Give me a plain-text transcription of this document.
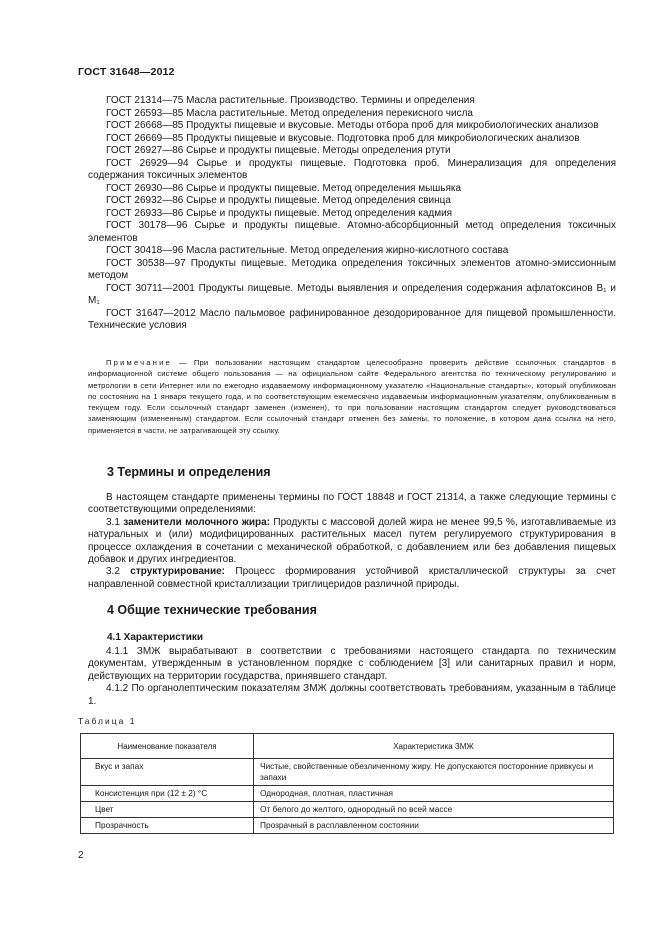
ГОСТ 31648—2012

ГОСТ 21314—75 Масла растительные. Производство. Термины и определения

ГОСТ 26593—85 Масла растительные. Метод определения перекисного числа

ГОСТ 26668—85 Продукты пищевые и вкусовые. Методы отбора проб для микробиологических анализов

ГОСТ 26669—85 Продукты пищевые и вкусовые. Подготовка проб для микробиологических анализов

ГОСТ 26927—86 Сырье и продукты пищевые. Методы определения ртути

ГОСТ 26929—94 Сырье и продукты пищевые. Подготовка проб. Минерализация для определения содержания токсичных элементов

ГОСТ 26930—86 Сырье и продукты пищевые. Метод определения мышьяка

ГОСТ 26932—86 Сырье и продукты пищевые. Метод определения свинца

ГОСТ 26933—86 Сырье и продукты пищевые. Метод определения кадмия

ГОСТ 30178—96 Сырье и продукты пищевые. Атомно-абсорбционный метод определения токсичных элементов

ГОСТ 30418—96 Масла растительные. Метод определения жирно-кислотного состава

ГОСТ 30538—97 Продукты пищевые. Методика определения токсичных элементов атомно-эмиссионным методом

ГОСТ 30711—2001 Продукты пищевые. Методы выявления и определения содержания афлатоксинов B₁ и M₁

ГОСТ 31647—2012 Масло пальмовое рафинированное дезодорированное для пищевой промышленности. Технические условия

Примечание — При пользовании настоящим стандартом целесообразно проверить действие ссылочных стандартов в информационной системе общего пользования — на официальном сайте Федерального агентства по техническому регулированию и метрологии в сети Интернет или по ежегодно издаваемому информационному указателю «Национальные стандарты», который опубликован по состоянию на 1 января текущего года, и по соответствующим ежемесячно издаваемым информационным указателям, опубликованным в текущем году. Если ссылочный стандарт заменен (изменен), то при пользовании настоящим стандартом следует руководствоваться заменяющим (измененным) стандартом. Если ссылочный стандарт отменен без замены, то положение, в котором дана ссылка на него, применяется в части, не затрагивающей эту ссылку.

3 Термины и определения

В настоящем стандарте применены термины по ГОСТ 18848 и ГОСТ 21314, а также следующие термины с соответствующими определениями:

3.1 заменители молочного жира: Продукты с массовой долей жира не менее 99,5 %, изготавливаемые из натуральных и (или) модифицированных растительных масел путем регулируемого структурирования в процессе охлаждения в сочетании с механической обработкой, с добавлением или без добавления пищевых добавок и других ингредиентов.

3.2 структурирование: Процесс формирования устойчивой кристаллической структуры за счет направленной совместной кристаллизации триглицеридов различной природы.

4 Общие технические требования
4.1 Характеристики

4.1.1 ЗМЖ вырабатывают в соответствии с требованиями настоящего стандарта по техническим документам, утвержденным в установленном порядке с соблюдением [3] или санитарных правил и норм, действующих на территории государства, принявшего стандарт.

4.1.2 По органолептическим показателям ЗМЖ должны соответствовать требованиям, указанным в таблице 1.

Таблица 1
Наименование показателя	Характеристика ЗМЖ
Вкус и запах	Чистые, свойственные обезличенному жиру. Не допускаются посторонние привкусы и запахи
Консистенция при (12 ± 2) °C	Однородная, плотная, пластичная
Цвет	От белого до желтого, однородный по всей массе
Прозрачность	Прозрачный в расплавленном состоянии
2
